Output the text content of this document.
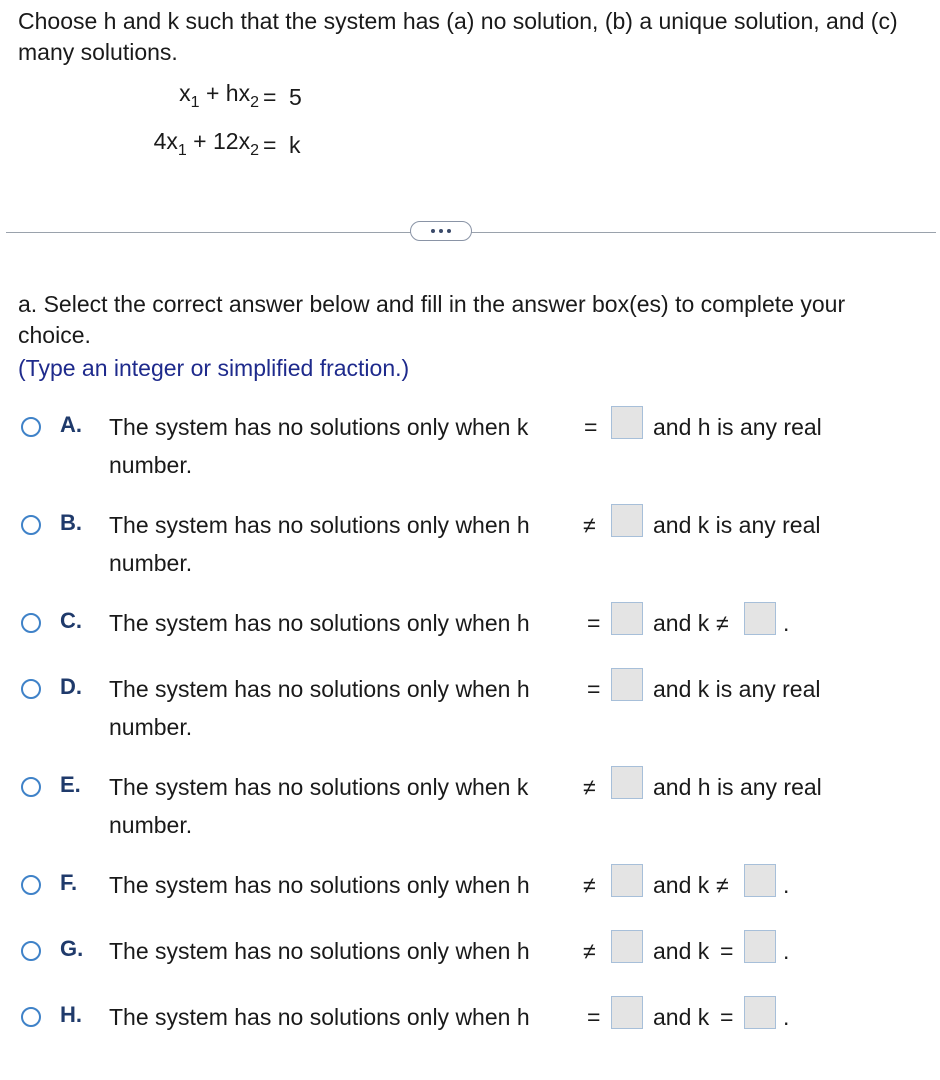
Choose h and k such that the system has (a) no solution, (b) a unique solution, and (c) many solutions.
$x_1 + hx_2 = 5$
$4x_1 + 12x_2 = k$
a. Select the correct answer below and fill in the answer box(es) to complete your choice.
(Type an integer or simplified fraction.)
A. The system has no solutions only when k = and h is any real
number.
B. The system has no solutions only when h ≠ and k is any real
number.
C. The system has no solutions only when h = and k ≠ .
D. The system has no solutions only when h = and k is any real
number.
E. The system has no solutions only when k ≠ and h is any real
number.
F. The system has no solutions only when h ≠ and k ≠ .
G. The system has no solutions only when h ≠ and k = .
H. The system has no solutions only when h = and k = .
